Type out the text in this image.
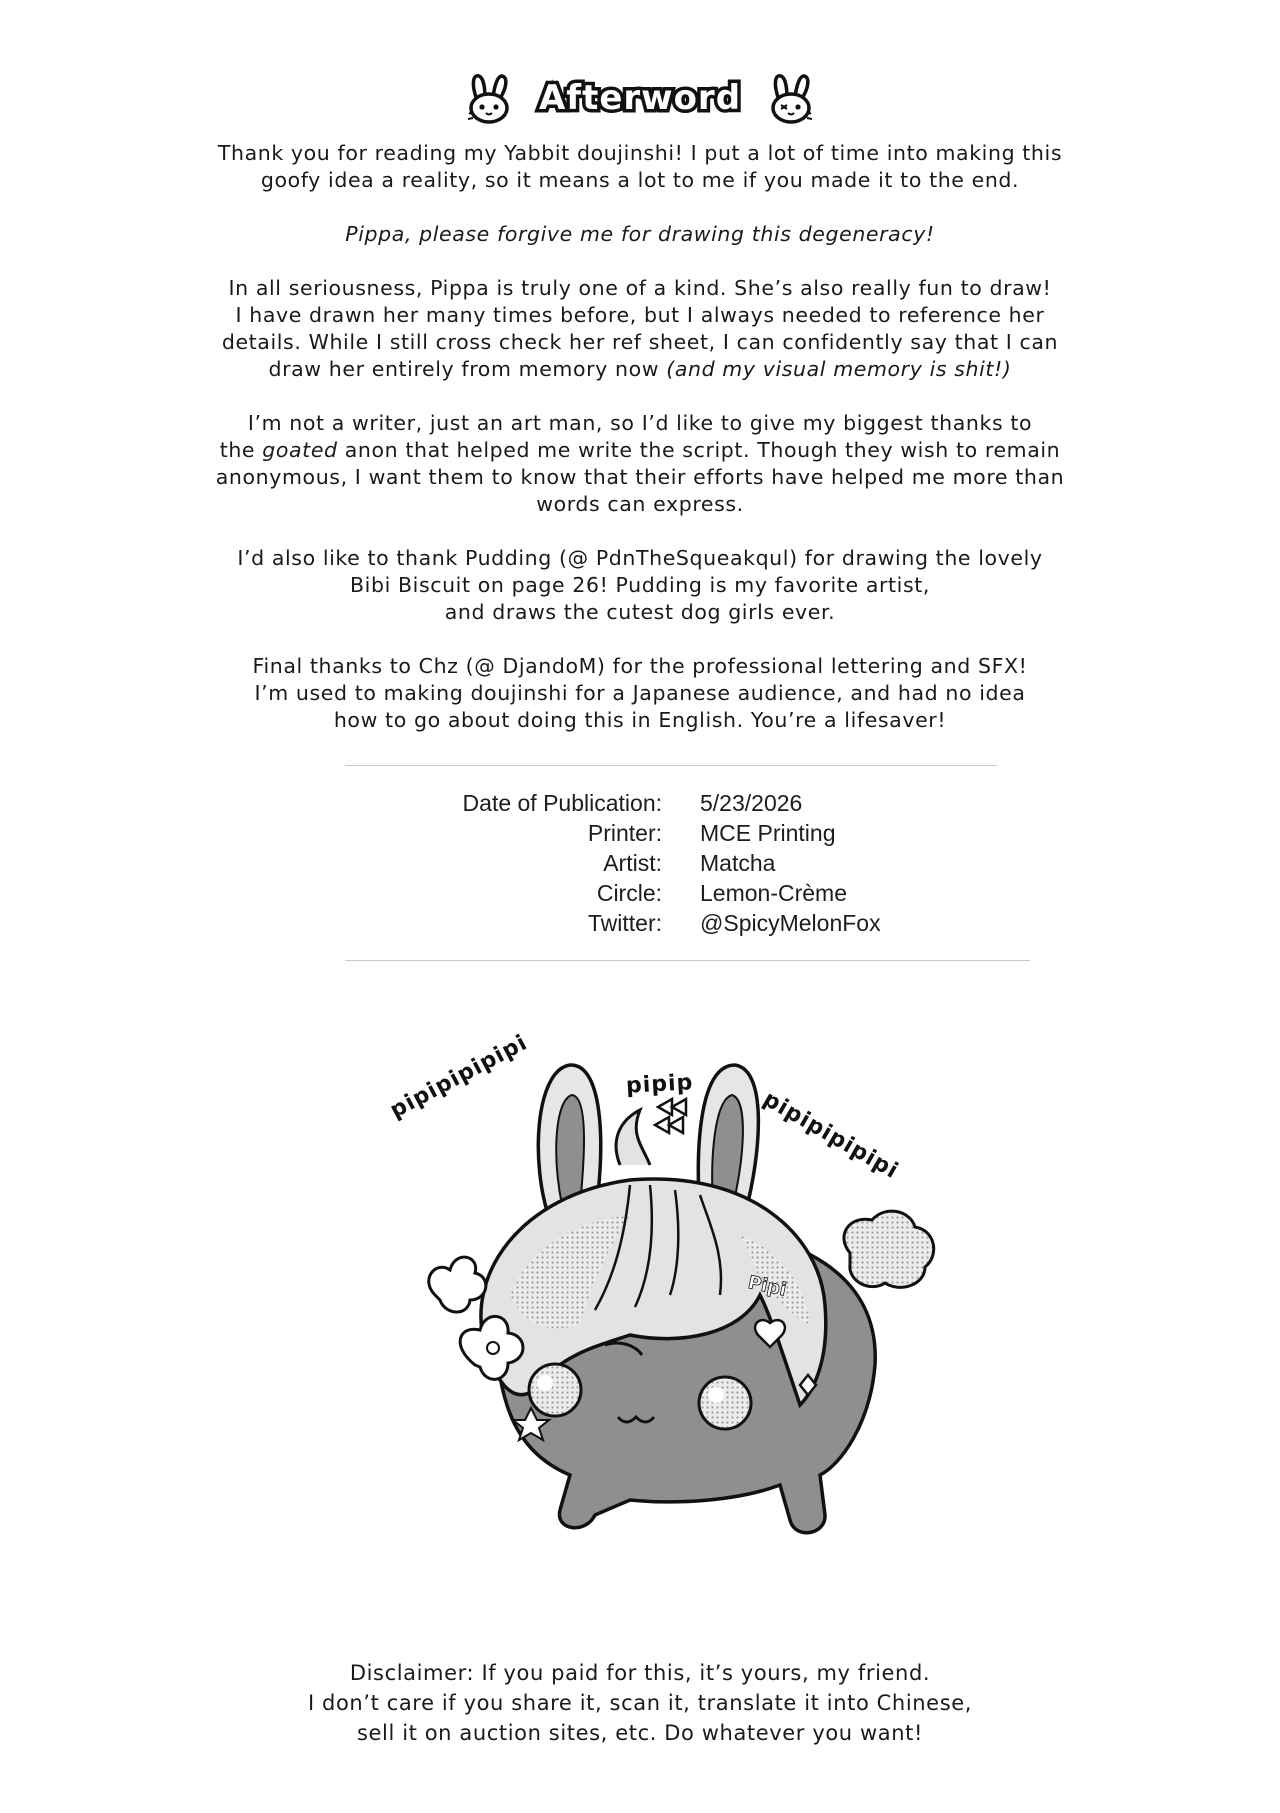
Afterword

Thank you for reading my Yabbit doujinshi! I put a lot of time into making this
goofy idea a reality, so it means a lot to me if you made it to the end.

Pippa, please forgive me for drawing this degeneracy!

In all seriousness, Pippa is truly one of a kind. She’s also really fun to draw!
I have drawn her many times before, but I always needed to reference her
details. While I still cross check her ref sheet, I can confidently say that I can
draw her entirely from memory now (and my visual memory is shit!)

I’m not a writer, just an art man, so I’d like to give my biggest thanks to
the goated anon that helped me write the script. Though they wish to remain
anonymous, I want them to know that their efforts have helped me more than
words can express.

I’d also like to thank Pudding (@ PdnTheSqueakqul) for drawing the lovely
Bibi Biscuit on page 26! Pudding is my favorite artist,
and draws the cutest dog girls ever.

Final thanks to Chz (@ DjandoM) for the professional lettering and SFX!
I’m used to making doujinshi for a Japanese audience, and had no idea
how to go about doing this in English. You’re a lifesaver!

Date of Publication:	5/23/2026
Printer:	MCE Printing
Artist:	Matcha
Circle:	Lemon-Crème
Twitter:	@SpicyMelonFox
pipipipipipi	pipip
pipipipipipi
Pipi
Disclaimer: If you paid for this, it’s yours, my friend.
I don’t care if you share it, scan it, translate it into Chinese,
sell it on auction sites, etc. Do whatever you want!
